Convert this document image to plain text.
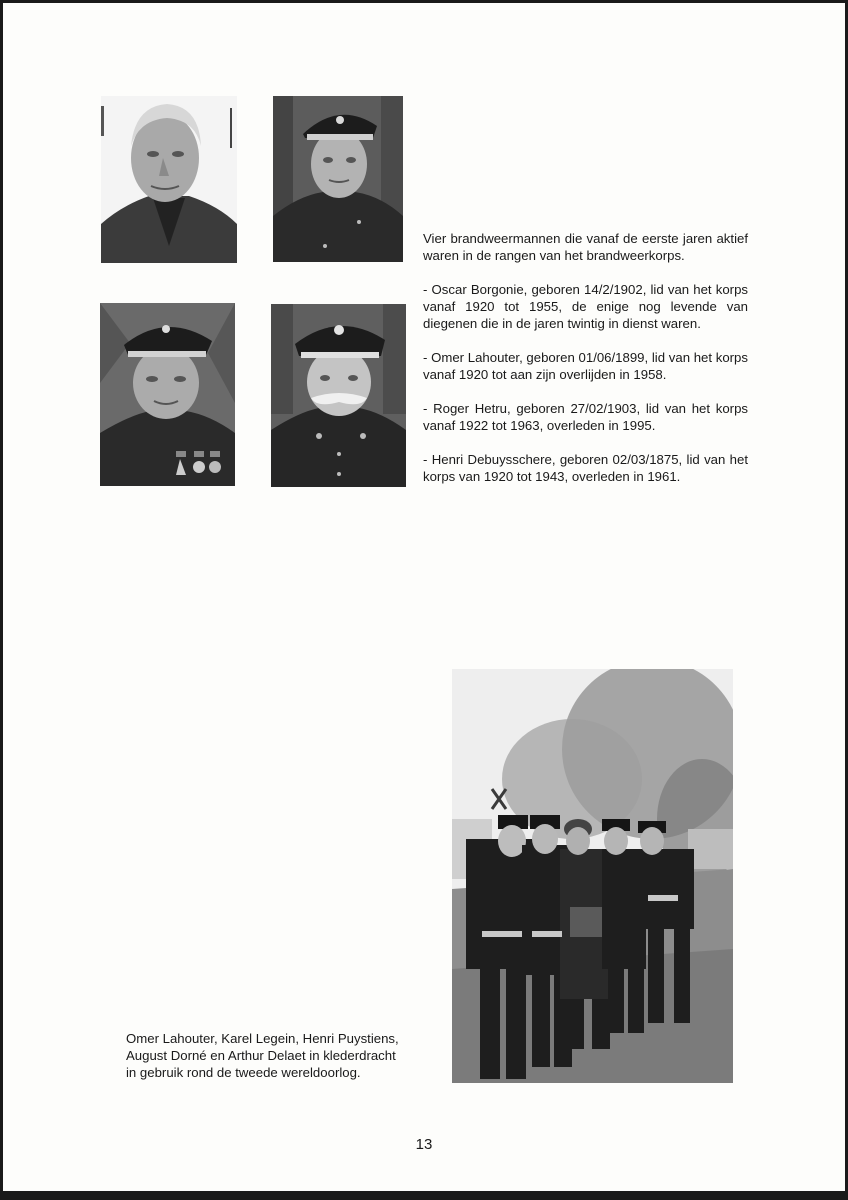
Vier brandweermannen die vanaf de eerste jaren aktief waren in de rangen van het brandweerkorps.

- Oscar Borgonie, geboren 14/2/1902, lid van het korps vanaf 1920 tot 1955, de enige nog levende van diegenen die in de jaren twintig in dienst waren.

- Omer Lahouter, geboren 01/06/1899, lid van het korps vanaf 1920 tot aan zijn overlijden in 1958.

- Roger Hetru, geboren 27/02/1903, lid van het korps vanaf 1922 tot 1963, overleden in 1995.

- Henri Debuysschere, geboren 02/03/1875, lid van het korps van 1920 tot 1943, overleden in 1961.

Omer Lahouter, Karel Legein, Henri Puystiens,
August Dorné en Arthur Delaet in klederdracht
in gebruik rond de tweede wereldoorlog.
13
